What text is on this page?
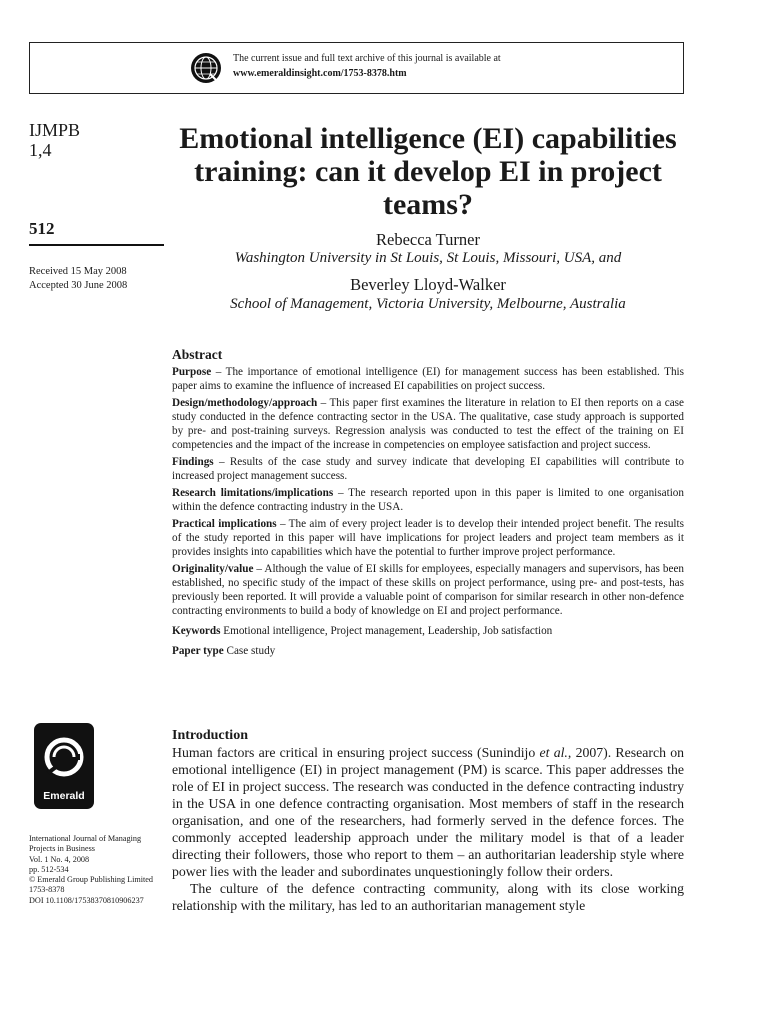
The current issue and full text archive of this journal is available at
www.emeraldinsight.com/1753-8378.htm
IJMPB
1,4
512
Received 15 May 2008
Accepted 30 June 2008
Emotional intelligence (EI) capabilities training: can it develop EI in project teams?
Rebecca Turner
Washington University in St Louis, St Louis, Missouri, USA, and
Beverley Lloyd-Walker
School of Management, Victoria University, Melbourne, Australia
Abstract

Purpose – The importance of emotional intelligence (EI) for management success has been established. This paper aims to examine the influence of increased EI capabilities on project success.

Design/methodology/approach – This paper first examines the literature in relation to EI then reports on a case study conducted in the defence contracting sector in the USA. The qualitative, case study approach is supported by pre- and post-training surveys. Regression analysis was conducted to test the effect of the training on EI competencies and the impact of the increase in competencies on employee satisfaction and project success.

Findings – Results of the case study and survey indicate that developing EI capabilities will contribute to increased project management success.

Research limitations/implications – The research reported upon in this paper is limited to one organisation within the defence contracting industry in the USA.

Practical implications – The aim of every project leader is to develop their intended project benefit. The results of the study reported in this paper will have implications for project leaders and project team members as it provides insights into capabilities which have the potential to further improve project performance.

Originality/value – Although the value of EI skills for employees, especially managers and supervisors, has been established, no specific study of the impact of these skills on project performance, using pre- and post-tests, has previously been reported. It will provide a valuable point of comparison for similar research in other non-defence contracting environments to build a body of knowledge on EI and project performance.

Keywords Emotional intelligence, Project management, Leadership, Job satisfaction

Paper type Case study

Emerald
International Journal of Managing
Projects in Business
Vol. 1 No. 4, 2008
pp. 512-534
© Emerald Group Publishing Limited
1753-8378
DOI 10.1108/17538370810906237
Introduction

Human factors are critical in ensuring project success (Sunindijo et al., 2007). Research on emotional intelligence (EI) in project management (PM) is scarce. This paper addresses the role of EI in project success. The research was conducted in the defence contracting industry in the USA in one defence contracting organisation. Most members of staff in the research organisation, and one of the researchers, had formerly served in the defence forces. The commonly accepted leadership approach under the military model is that of a leader directing their followers, those who report to them – an authoritarian leadership style where power lies with the leader and subordinates unquestioningly follow their orders.

The culture of the defence contracting community, along with its close working relationship with the military, has led to an authoritarian management style
